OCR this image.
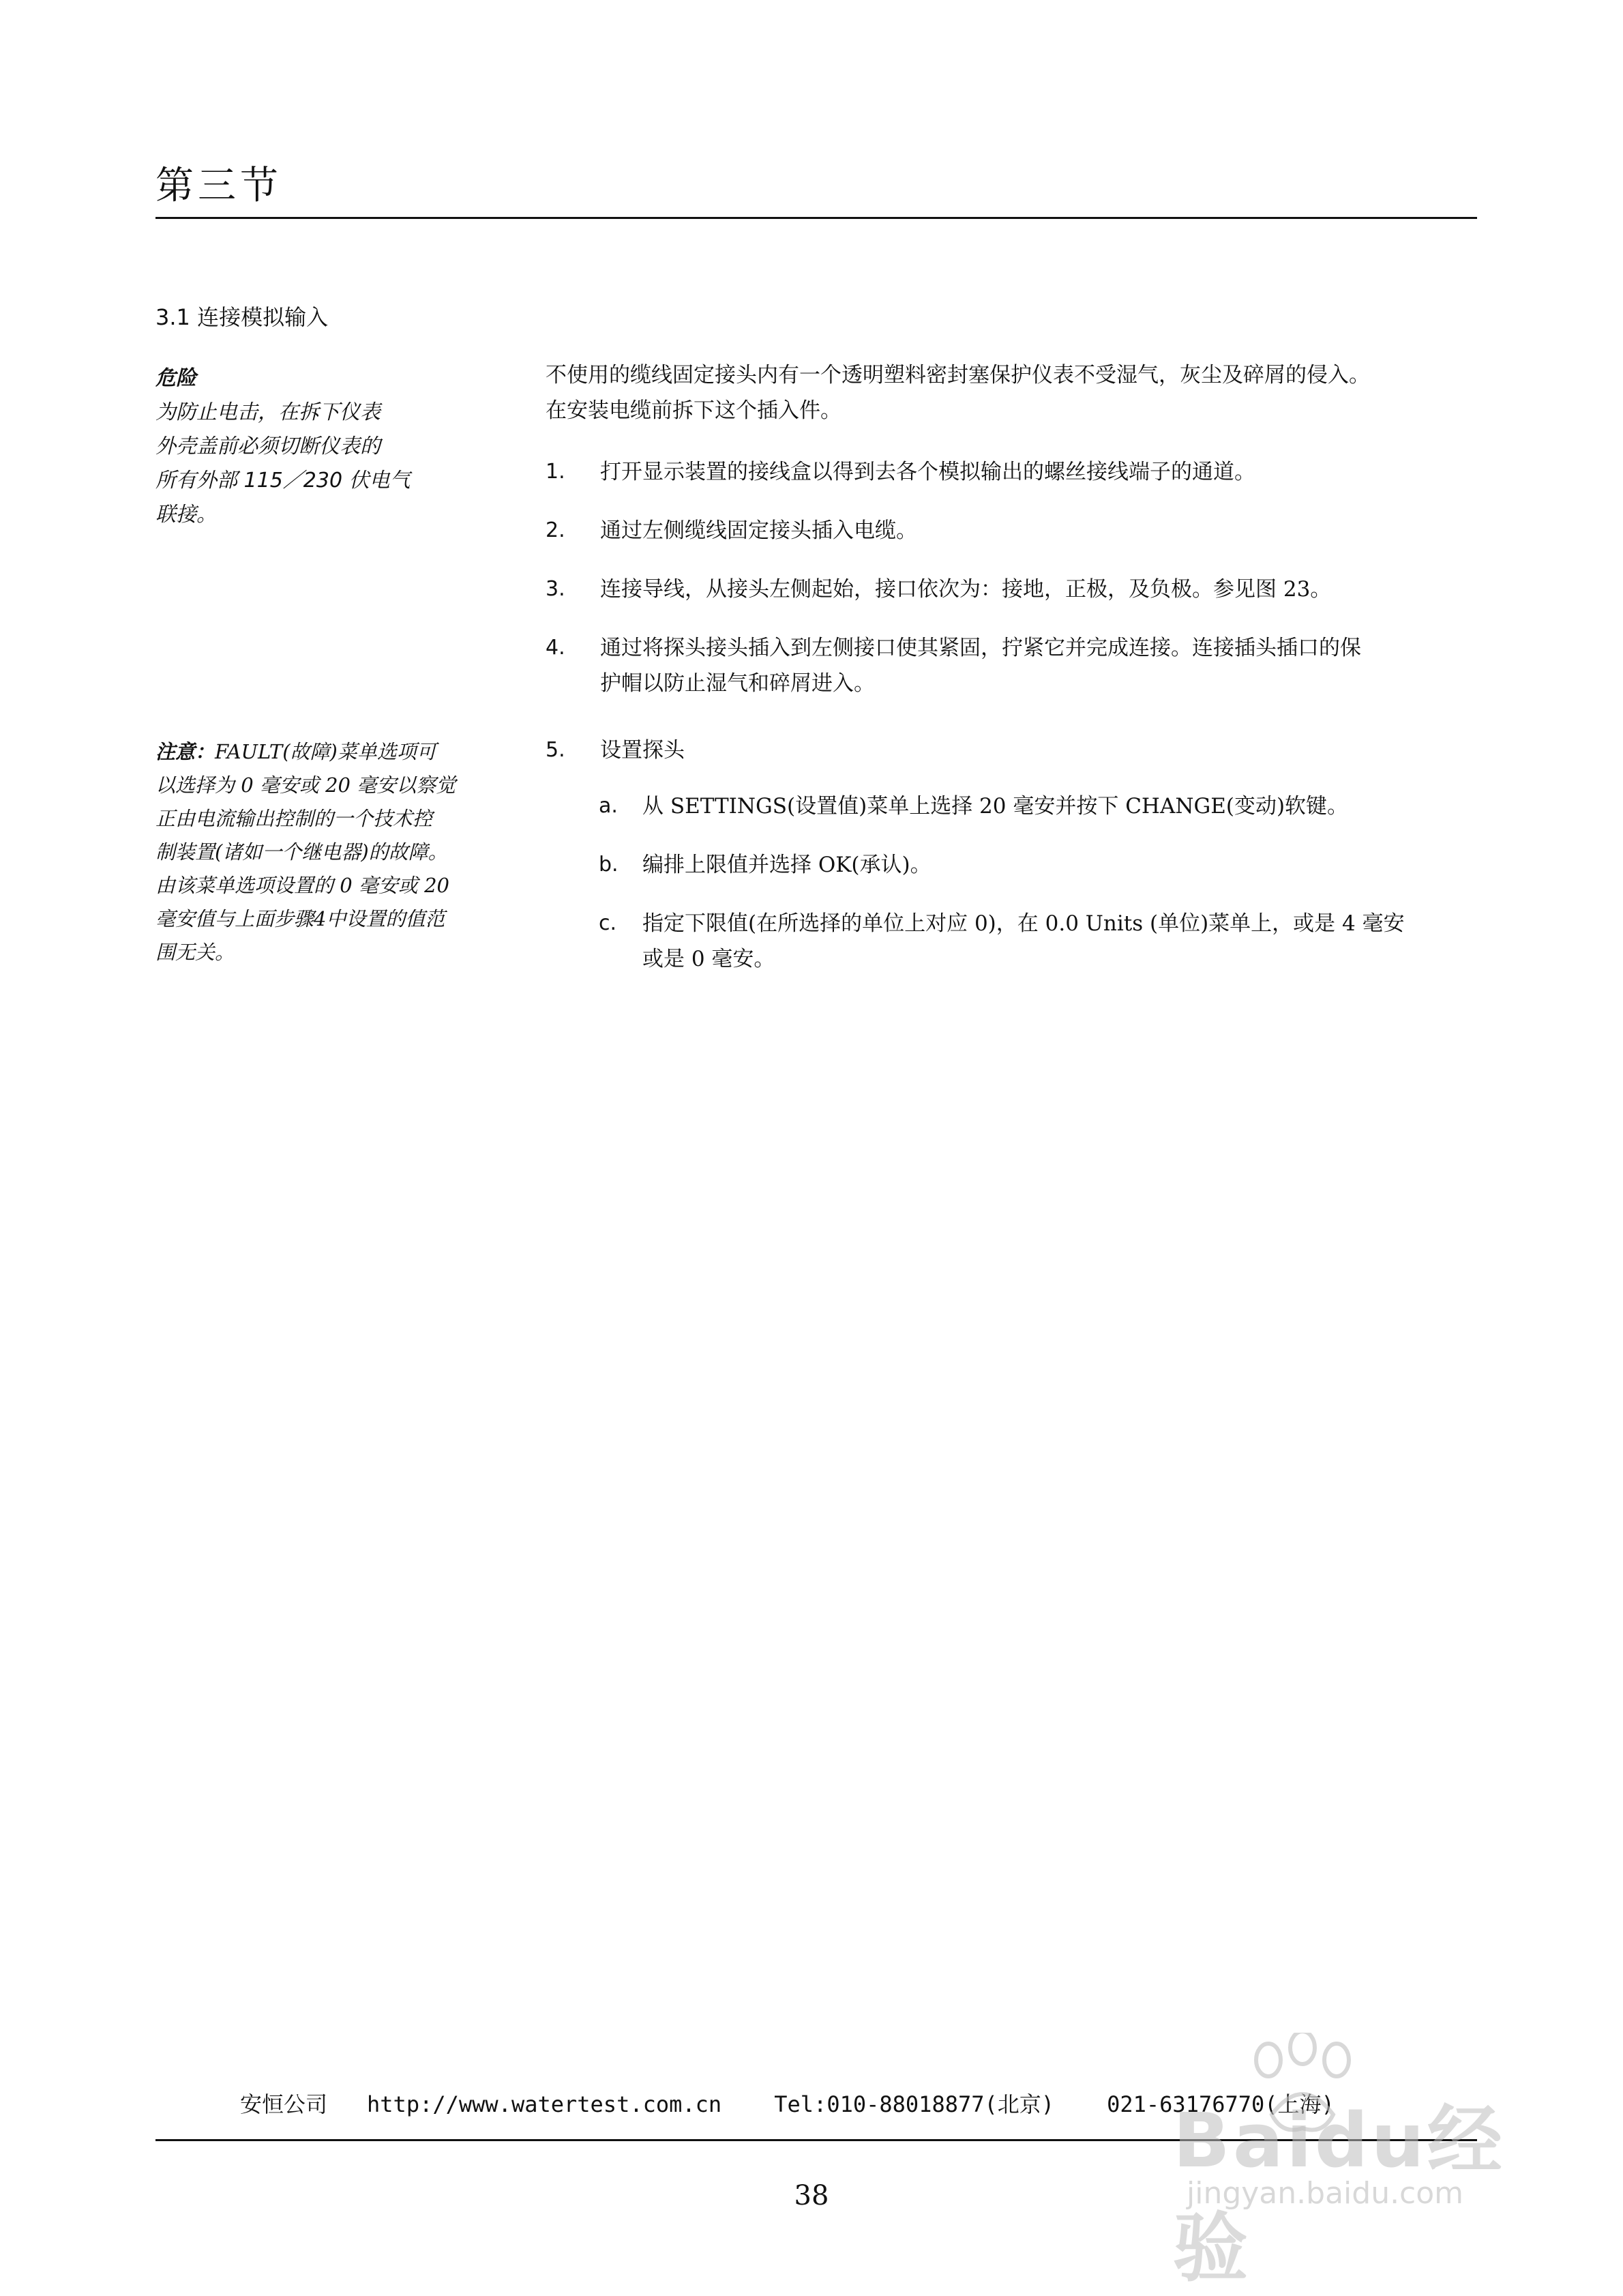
第三节
3.1 连接模拟输入
危险
为防止电击，在拆下仪表
外壳盖前必须切断仪表的
所有外部 115／230 伏电气
联接。
注意：FAULT(故障)菜单选项可
以选择为 0 毫安或 20 毫安以察觉
正由电流输出控制的一个技术控
制装置(诸如一个继电器)的故障。
由该菜单选项设置的 0 毫安或 20
毫安值与上面步骤4中设置的值范
围无关。
不使用的缆线固定接头内有一个透明塑料密封塞保护仪表不受湿气，灰尘及碎屑的侵入。
在安装电缆前拆下这个插入件。
1. 打开显示装置的接线盒以得到去各个模拟输出的螺丝接线端子的通道。
2. 通过左侧缆线固定接头插入电缆。
3. 连接导线，从接头左侧起始，接口依次为：接地，正极，及负极。参见图 23。
4. 通过将探头接头插入到左侧接口使其紧固，拧紧它并完成连接。连接插头插口的保
护帽以防止湿气和碎屑进入。
5. 设置探头
a. 从 SETTINGS(设置值)菜单上选择 20 毫安并按下 CHANGE(变动)软键。
b. 编排上限值并选择 OK(承认)。
c. 指定下限值(在所选择的单位上对应 0)，在 0.0 Units (单位)菜单上，或是 4 毫安
或是 0 毫安。
安恒公司 http://www.watertest.com.cn    Tel:010-88018877(北京)    021-63176770(上海)
38
Baidu经验
jingyan.baidu.com
